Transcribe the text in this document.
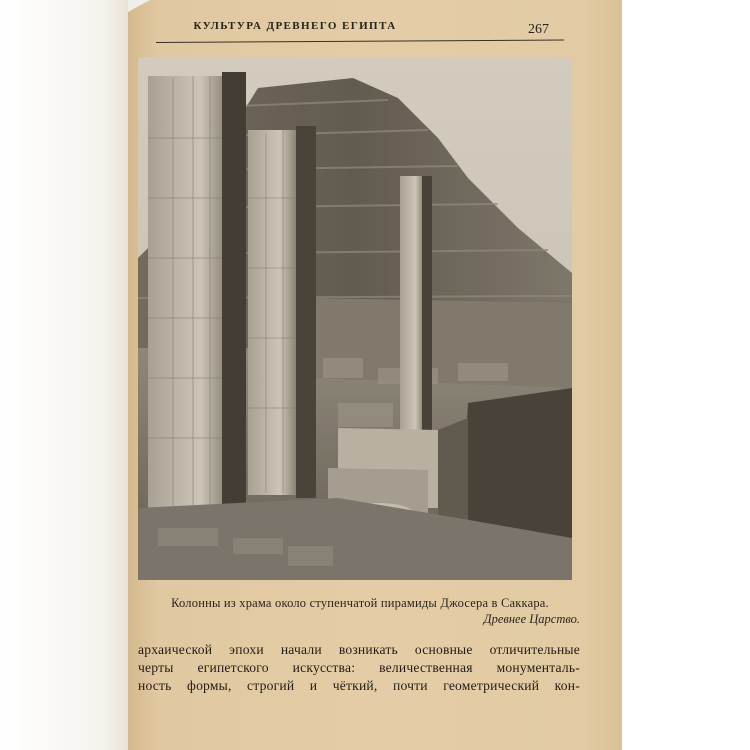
КУЛЬТУРА ДРЕВНЕГО ЕГИПТА	267
Колонны из храма около ступенчатой пирамиды Джосера в Саккара.
Древнее Царство.
архаической эпохи начали возникать основные отличительные
черты египетского искусства: величественная монументаль-
ность формы, строгий и чёткий, почти геометрический кон-
